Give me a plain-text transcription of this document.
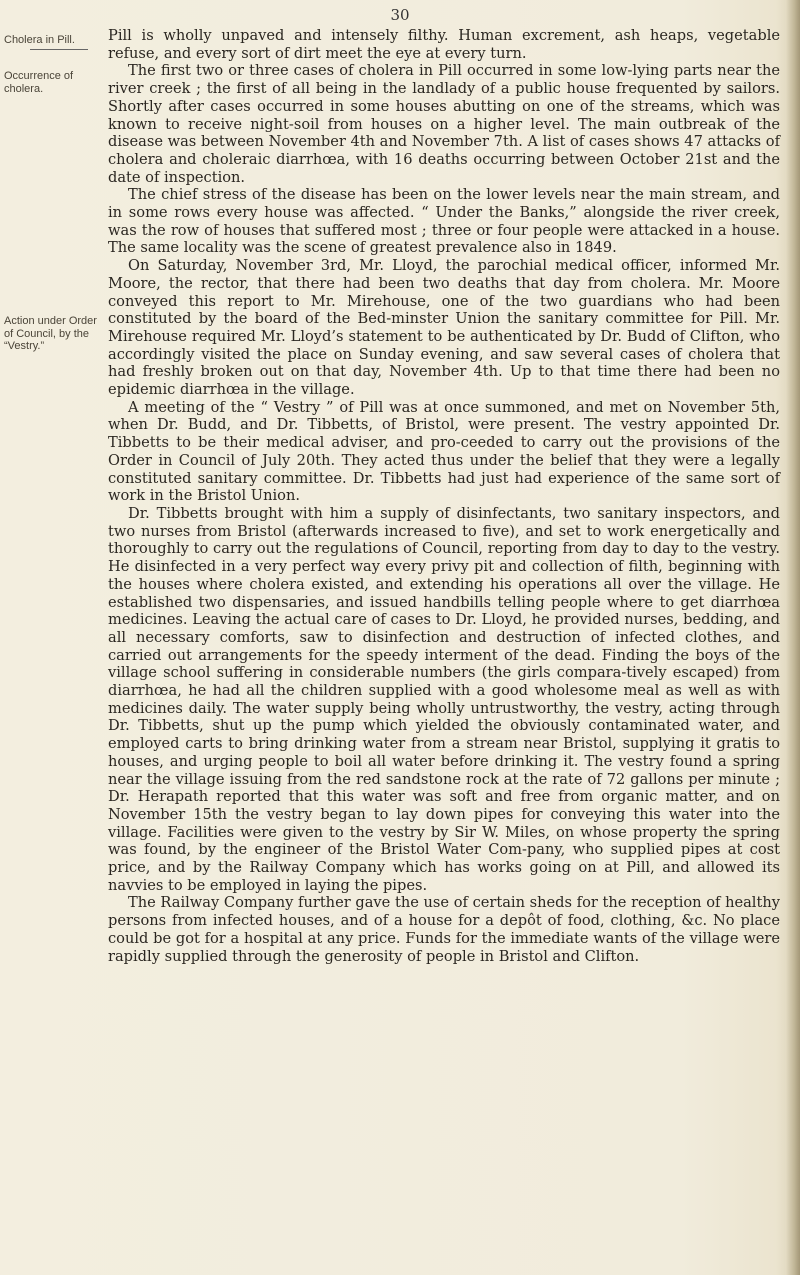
30
Cholera in Pill.
Occurrence of cholera.
Action under Order of Council, by the “Vestry.”

Pill is wholly unpaved and intensely filthy. Human excrement, ash heaps, vegetable refuse, and every sort of dirt meet the eye at every turn.

The first two or three cases of cholera in Pill occurred in some low-lying parts near the river creek ; the first of all being in the landlady of a public house frequented by sailors. Shortly after cases occurred in some houses abutting on one of the streams, which was known to receive night-soil from houses on a higher level. The main outbreak of the disease was between November 4th and November 7th. A list of cases shows 47 attacks of cholera and choleraic diarrhœa, with 16 deaths occurring between October 21st and the date of inspection.

The chief stress of the disease has been on the lower levels near the main stream, and in some rows every house was affected. “ Under the Banks,” alongside the river creek, was the row of houses that suffered most ; three or four people were attacked in a house. The same locality was the scene of greatest prevalence also in 1849.

On Saturday, November 3rd, Mr. Lloyd, the parochial medical officer, informed Mr. Moore, the rector, that there had been two deaths that day from cholera. Mr. Moore conveyed this report to Mr. Mirehouse, one of the two guardians who had been constituted by the board of the Bed-minster Union the sanitary committee for Pill. Mr. Mirehouse required Mr. Lloyd’s statement to be authenticated by Dr. Budd of Clifton, who accordingly visited the place on Sunday evening, and saw several cases of cholera that had freshly broken out on that day, November 4th. Up to that time there had been no epidemic diarrhœa in the village.

A meeting of the “ Vestry ” of Pill was at once summoned, and met on November 5th, when Dr. Budd, and Dr. Tibbetts, of Bristol, were present. The vestry appointed Dr. Tibbetts to be their medical adviser, and pro-ceeded to carry out the provisions of the Order in Council of July 20th. They acted thus under the belief that they were a legally constituted sanitary committee. Dr. Tibbetts had just had experience of the same sort of work in the Bristol Union.

Dr. Tibbetts brought with him a supply of disinfectants, two sanitary inspectors, and two nurses from Bristol (afterwards increased to five), and set to work energetically and thoroughly to carry out the regulations of Council, reporting from day to day to the vestry. He disinfected in a very perfect way every privy pit and collection of filth, beginning with the houses where cholera existed, and extending his operations all over the village. He established two dispensaries, and issued handbills telling people where to get diarrhœa medicines. Leaving the actual care of cases to Dr. Lloyd, he provided nurses, bedding, and all necessary comforts, saw to disinfection and destruction of infected clothes, and carried out arrangements for the speedy interment of the dead. Finding the boys of the village school suffering in considerable numbers (the girls compara-tively escaped) from diarrhœa, he had all the children supplied with a good wholesome meal as well as with medicines daily. The water supply being wholly untrustworthy, the vestry, acting through Dr. Tibbetts, shut up the pump which yielded the obviously contaminated water, and employed carts to bring drinking water from a stream near Bristol, supplying it gratis to houses, and urging people to boil all water before drinking it. The vestry found a spring near the village issuing from the red sandstone rock at the rate of 72 gallons per minute ; Dr. Herapath reported that this water was soft and free from organic matter, and on November 15th the vestry began to lay down pipes for conveying this water into the village. Facilities were given to the vestry by Sir W. Miles, on whose property the spring was found, by the engineer of the Bristol Water Com-pany, who supplied pipes at cost price, and by the Railway Company which has works going on at Pill, and allowed its navvies to be employed in laying the pipes.

The Railway Company further gave the use of certain sheds for the reception of healthy persons from infected houses, and of a house for a depôt of food, clothing, &c. No place could be got for a hospital at any price. Funds for the immediate wants of the village were rapidly supplied through the generosity of people in Bristol and Clifton.
